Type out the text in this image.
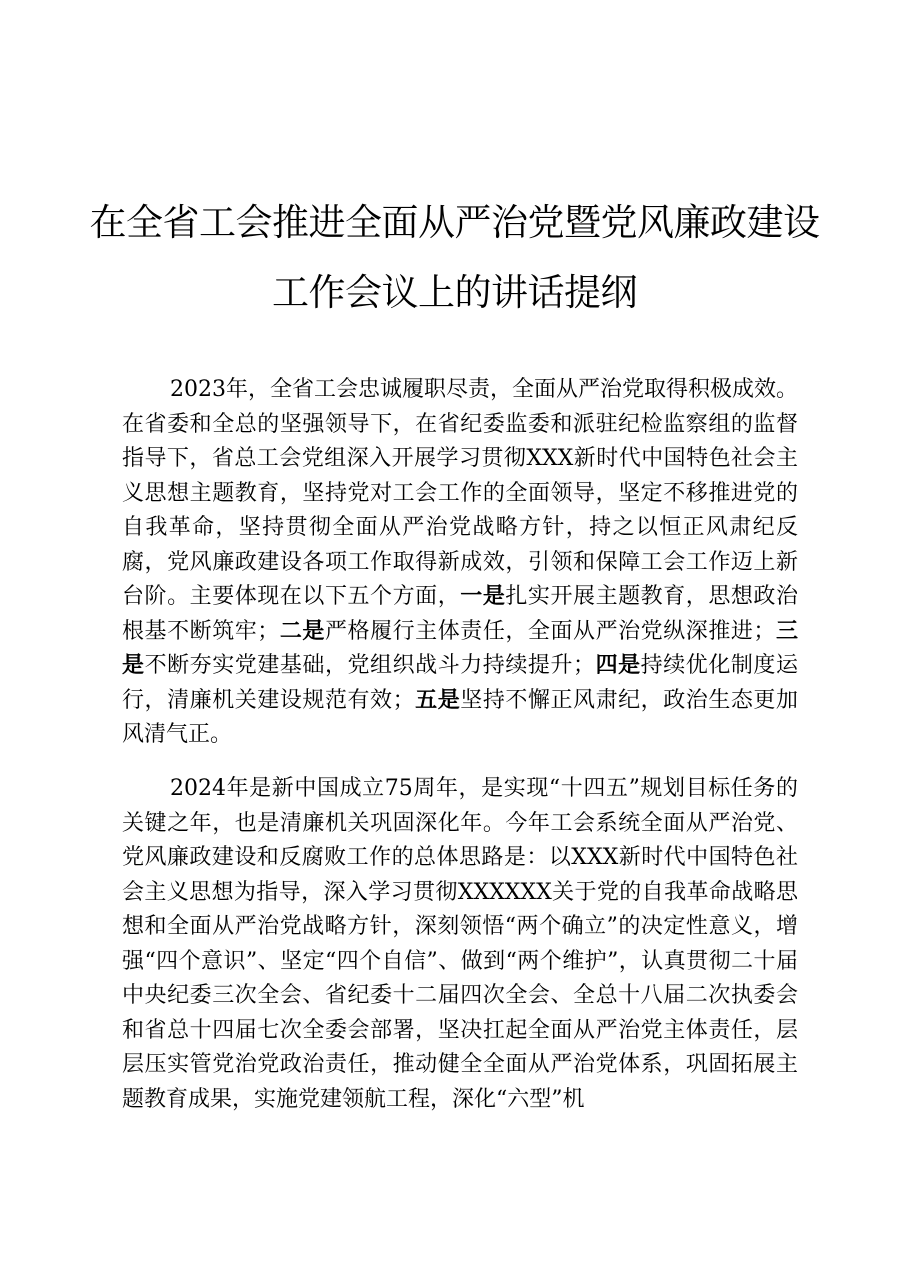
在全省工会推进全面从严治党暨党风廉政建设
工作会议上的讲话提纲

2023年，全省工会忠诚履职尽责，全面从严治党取得积极成效。在省委和全总的坚强领导下，在省纪委监委和派驻纪检监察组的监督指导下，省总工会党组深入开展学习贯彻XXX新时代中国特色社会主义思想主题教育，坚持党对工会工作的全面领导，坚定不移推进党的自我革命，坚持贯彻全面从严治党战略方针，持之以恒正风肃纪反腐，党风廉政建设各项工作取得新成效，引领和保障工会工作迈上新台阶。主要体现在以下五个方面，一是扎实开展主题教育，思想政治根基不断筑牢；二是严格履行主体责任，全面从严治党纵深推进；三是不断夯实党建基础，党组织战斗力持续提升；四是持续优化制度运行，清廉机关建设规范有效；五是坚持不懈正风肃纪，政治生态更加风清气正。

2024年是新中国成立75周年，是实现“十四五”规划目标任务的关键之年，也是清廉机关巩固深化年。今年工会系统全面从严治党、党风廉政建设和反腐败工作的总体思路是：以XXX新时代中国特色社会主义思想为指导，深入学习贯彻XXXXXX关于党的自我革命战略思想和全面从严治党战略方针，深刻领悟“两个确立”的决定性意义，增强“四个意识”、坚定“四个自信”、做到“两个维护”，认真贯彻二十届中央纪委三次全会、省纪委十二届四次全会、全总十八届二次执委会和省总十四届七次全委会部署，坚决扛起全面从严治党主体责任，层层压实管党治党政治责任，推动健全全面从严治党体系，巩固拓展主题教育成果，实施党建领航工程，深化“六型”机
